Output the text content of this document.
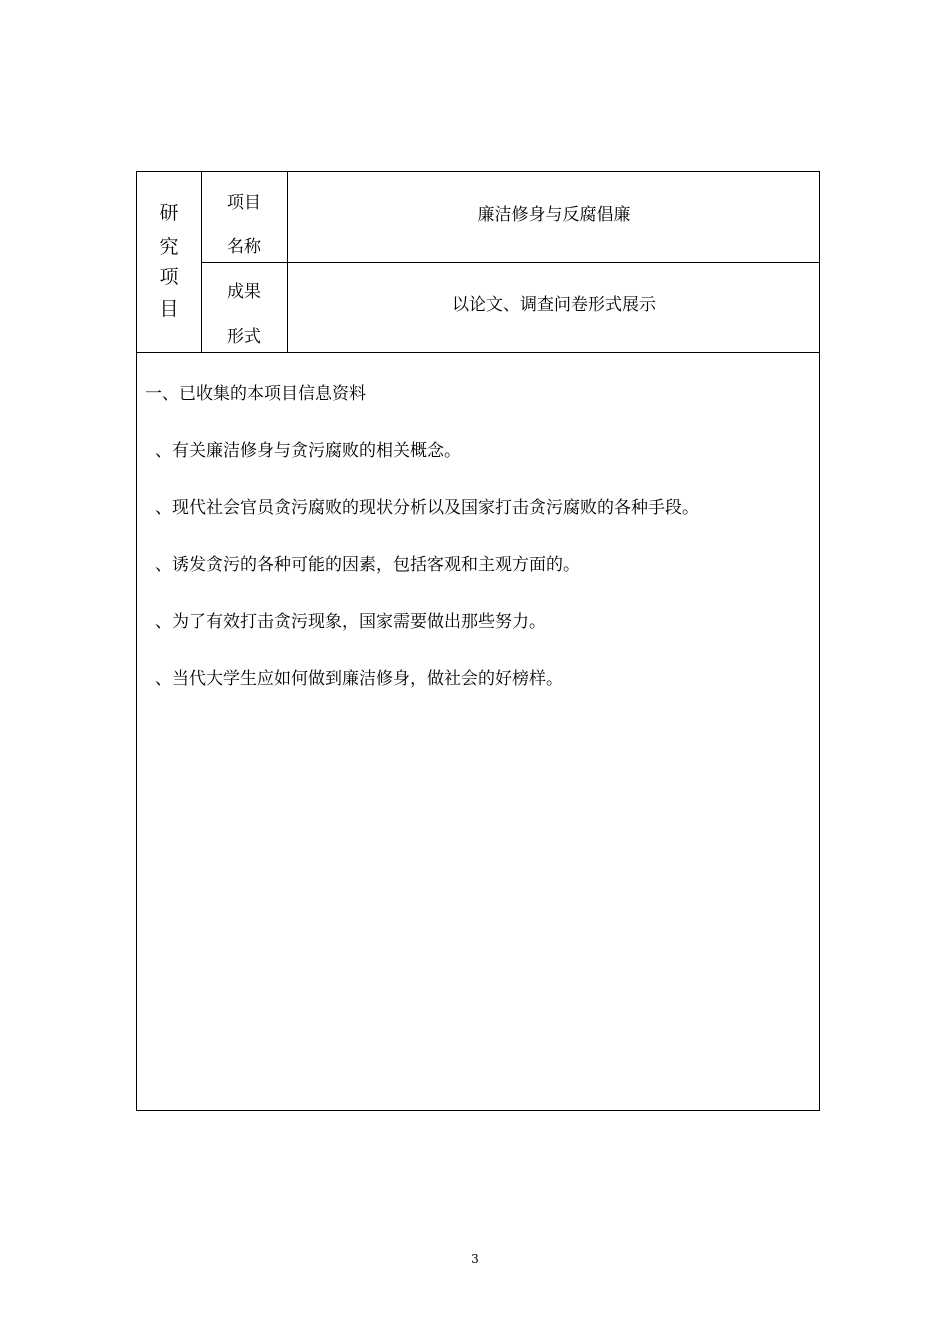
研
究
项
目
项目
名称
廉洁修身与反腐倡廉
成果
形式
以论文、调查问卷形式展示
一、已收集的本项目信息资料
、有关廉洁修身与贪污腐败的相关概念。
、现代社会官员贪污腐败的现状分析以及国家打击贪污腐败的各种手段。
、诱发贪污的各种可能的因素，包括客观和主观方面的。
、为了有效打击贪污现象，国家需要做出那些努力。
、当代大学生应如何做到廉洁修身，做社会的好榜样。
3
